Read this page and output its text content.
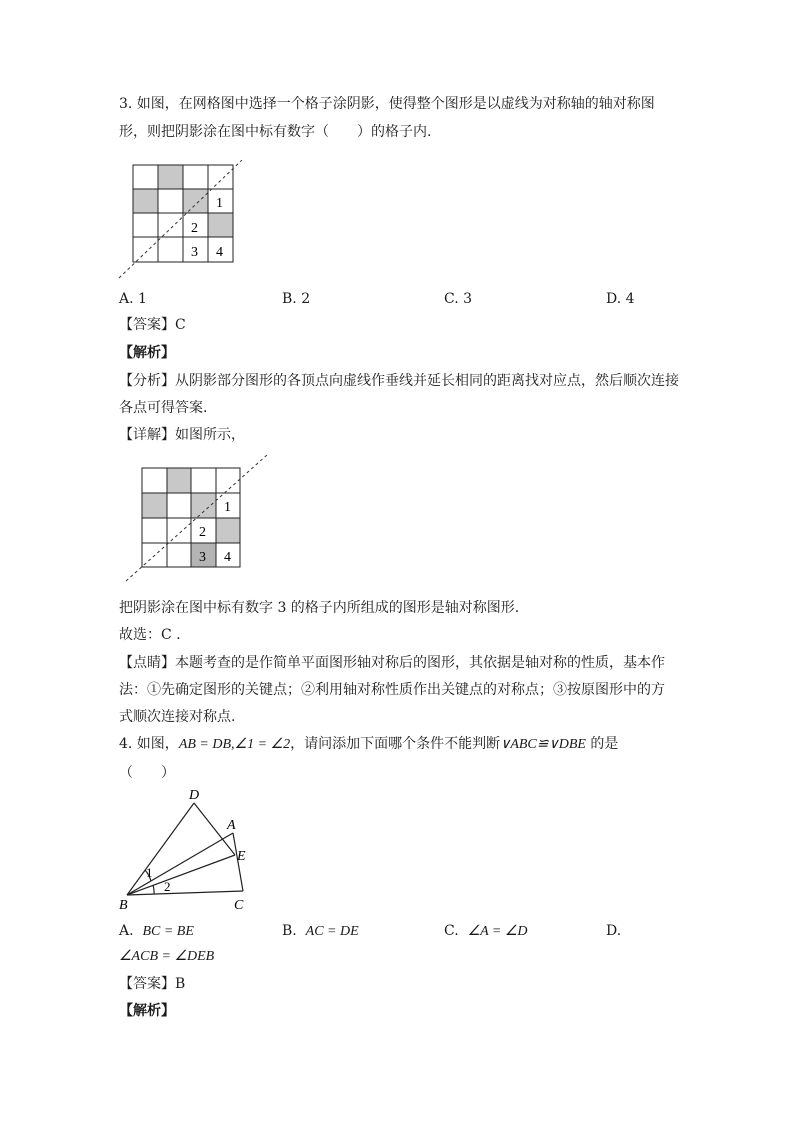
3. 如图，在网格图中选择一个格子涂阴影，使得整个图形是以虚线为对称轴的轴对称图
形，则把阴影涂在图中标有数字（　　）的格子内.
1
2
3 4
A. 1	B. 2	C. 3	D. 4
【答案】C
【解析】
【分析】从阴影部分图形的各顶点向虚线作垂线并延长相同的距离找对应点，然后顺次连接
各点可得答案.
【详解】如图所示，
1
2
3 4
把阴影涂在图中标有数字 3 的格子内所组成的图形是轴对称图形.
故选：C .
【点睛】本题考查的是作简单平面图形轴对称后的图形，其依据是轴对称的性质，基本作
法：①先确定图形的关键点；②利用轴对称性质作出关键点的对称点；③按原图形中的方
式顺次连接对称点.
4. 如图，AB = DB,∠1 = ∠2，请问添加下面哪个条件不能判断∨ABC≌∨DBE 的是
（　　）
D
A
E
B	C
1
2
A. BC = BE	B. AC = DE	C. ∠A = ∠D	D.
∠ACB = ∠DEB
【答案】B
【解析】
